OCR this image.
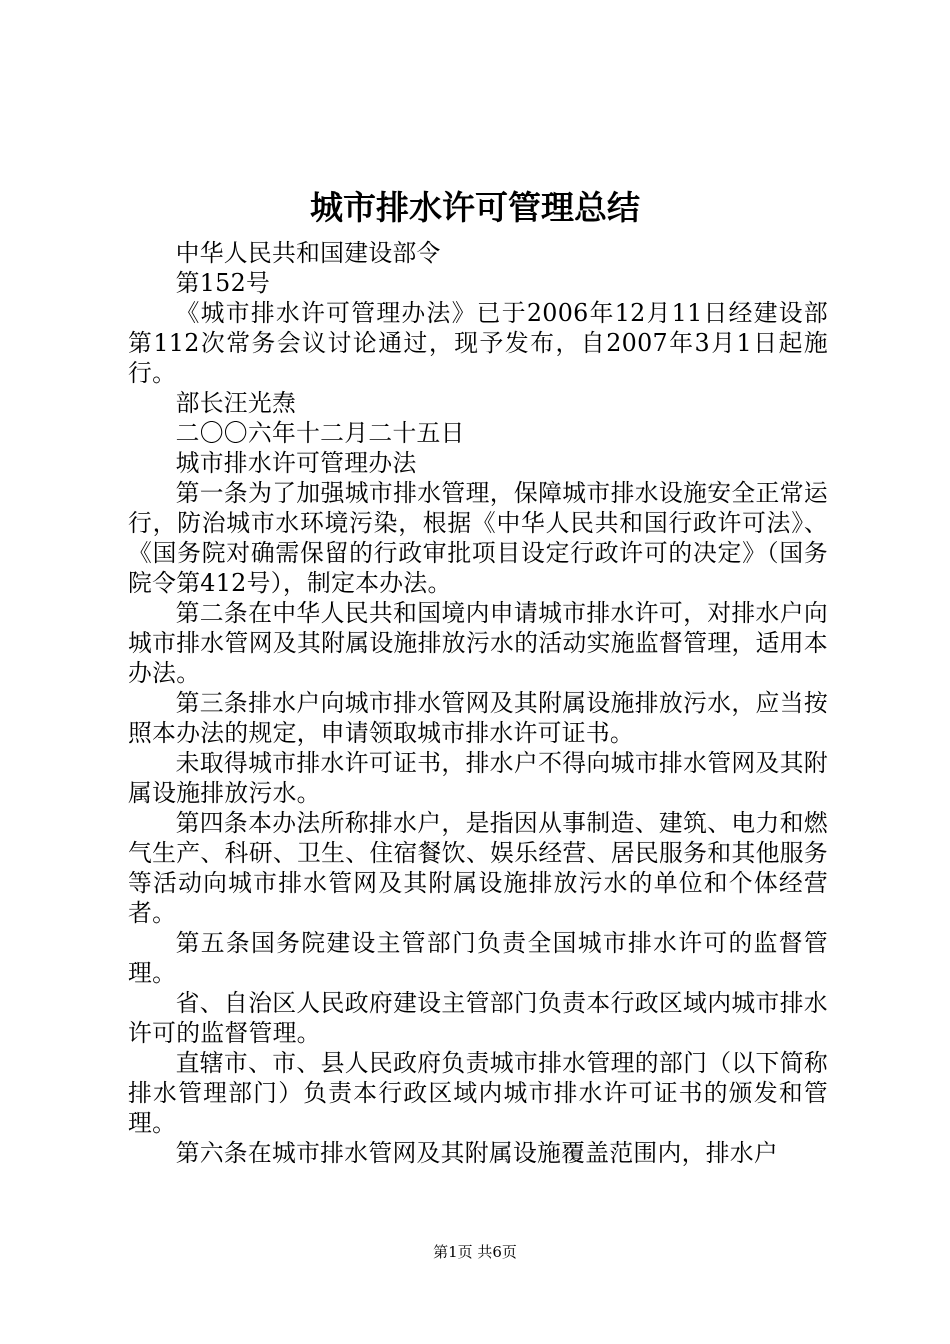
城市排水许可管理总结

中华人民共和国建设部令

第152号

《城市排水许可管理办法》已于2006年12月11日经建设部第112次常务会议讨论通过，现予发布，自2007年3月1日起施行。

部长汪光焘

二〇〇六年十二月二十五日

城市排水许可管理办法

第一条为了加强城市排水管理，保障城市排水设施安全正常运行，防治城市水环境污染，根据《中华人民共和国行政许可法》、《国务院对确需保留的行政审批项目设定行政许可的决定》（国务院令第412号），制定本办法。

第二条在中华人民共和国境内申请城市排水许可，对排水户向城市排水管网及其附属设施排放污水的活动实施监督管理，适用本办法。

第三条排水户向城市排水管网及其附属设施排放污水，应当按照本办法的规定，申请领取城市排水许可证书。

未取得城市排水许可证书，排水户不得向城市排水管网及其附属设施排放污水。

第四条本办法所称排水户，是指因从事制造、建筑、电力和燃气生产、科研、卫生、住宿餐饮、娱乐经营、居民服务和其他服务等活动向城市排水管网及其附属设施排放污水的单位和个体经营者。

第五条国务院建设主管部门负责全国城市排水许可的监督管理。

省、自治区人民政府建设主管部门负责本行政区域内城市排水许可的监督管理。

直辖市、市、县人民政府负责城市排水管理的部门（以下简称排水管理部门）负责本行政区域内城市排水许可证书的颁发和管理。

第六条在城市排水管网及其附属设施覆盖范围内，排水户

第1页 共6页
